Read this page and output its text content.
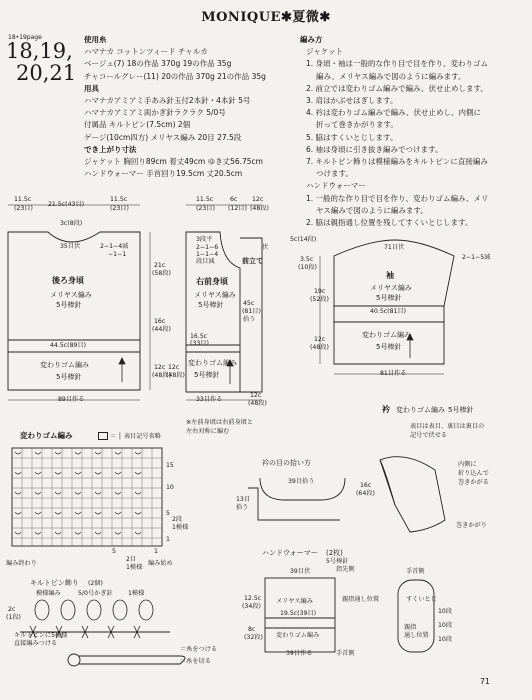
MONIQUE✱夏微✱
18•19page
18,19,
20,21
使用糸
ハマナカ コットンツィード チャルカ
ベージュ(7) 18の作品 370g 19の作品 35g
チャコールグレー(11) 20の作品 370g 21の作品 35g
用具
ハマナカアミアミ手あみ針玉付2本針・4本針 5号
ハマナカアミアミ両かぎ針ラクラク 5/0号
付属品 キルトピン(7.5cm) 2個
ゲージ(10cm四方) メリヤス編み 20目 27.5段
でき上がり寸法
ジャケット 胸回り89cm 着丈49cm ゆき丈56.75cm
ハンドウォーマー 手首回り19.5cm 丈20.5cm
編み方
ジャケット
1. 身頃・袖は一般的な作り目で目を作り、変わりゴム
編み、メリヤス編みで図のように編みます。
2. 前立では変わりゴム編みで編み、伏せ止めします。
3. 肩はかぶせはぎします。
4. 衿は変わりゴム編みで編み、伏せ止めし、内側に
折って巻きかがります。
5. 脇はすくいとじします。
6. 袖は身頃に引き抜き編みでつけます。
7. キルトピン飾りは模様編みをキルトピンに直接編み
つけます。
ハンドウォーマー
1. 一般的な作り目で目を作り、変わりゴム編み、メリ
ヤス編みで図のように編みます。
2. 脇は親指通し位置を残してすくいとじします。
11.5c
(23目)
21.5c(43目)
11.5c
(23目)
3c(8段)
35目伏	2−1−4減
−1−1
後ろ身頃
メリヤス編み
5号棒針
44.5c(89目)
変わりゴム編み
5号棒針
89目作る
21c
(58段)
16c
(44段)
12c
(48段)
11.5c
(23目)
6c
(12目)
12c
(48段)
3段平
2−1−6
1−1−4
段目減
右前身頃
メリヤス編み
5号棒針
前立て
45c
(81目)
拾う
伏
16.5c
(33目)
変わりゴム編み
5号棒針
33目作る
12c
(48段)
12c
(48段)
※左前身頃は右前身頃と
左右対称に編む
5c(14段)
3.5c
(10段)
71目伏
2−1−5減
袖
メリヤス編み
5号棒針
19c
(52段)
40.5c(81目)
変わりゴム編み
5号棒針
12c
(48段)
81目作る
変わりゴム編み	＝ │ 表目記号省略
15
10
5
1
5	1
2段
1模様
2目
1模様
編み終わり	編み始め
衿の目の拾い方
39目拾う
13目
拾う
衿 変わりゴム編み 5号棒針
表目は表目、裏目は裏目の
記号で伏せる
内側に
折り込んで
巻きかがる
16c
(64段)
巻きかがり
ハンドウォーマー (2枚)
5号棒針
39目伏	指先側
12.5c
(34段)
メリヤス編み
19.5c(39目)
8c
(32段) 変わりゴム編み
親指通し位置
39目作る	手首側
手首側
すくいとじ
10段
10段
10段
親指
通し位置
キルトピン飾り (2個)
模様編み	5/0号かぎ針 1模様
2c
(1段)
キルトピンに5模様
直接編みつける
＝糸をつける
＝糸を切る
71
